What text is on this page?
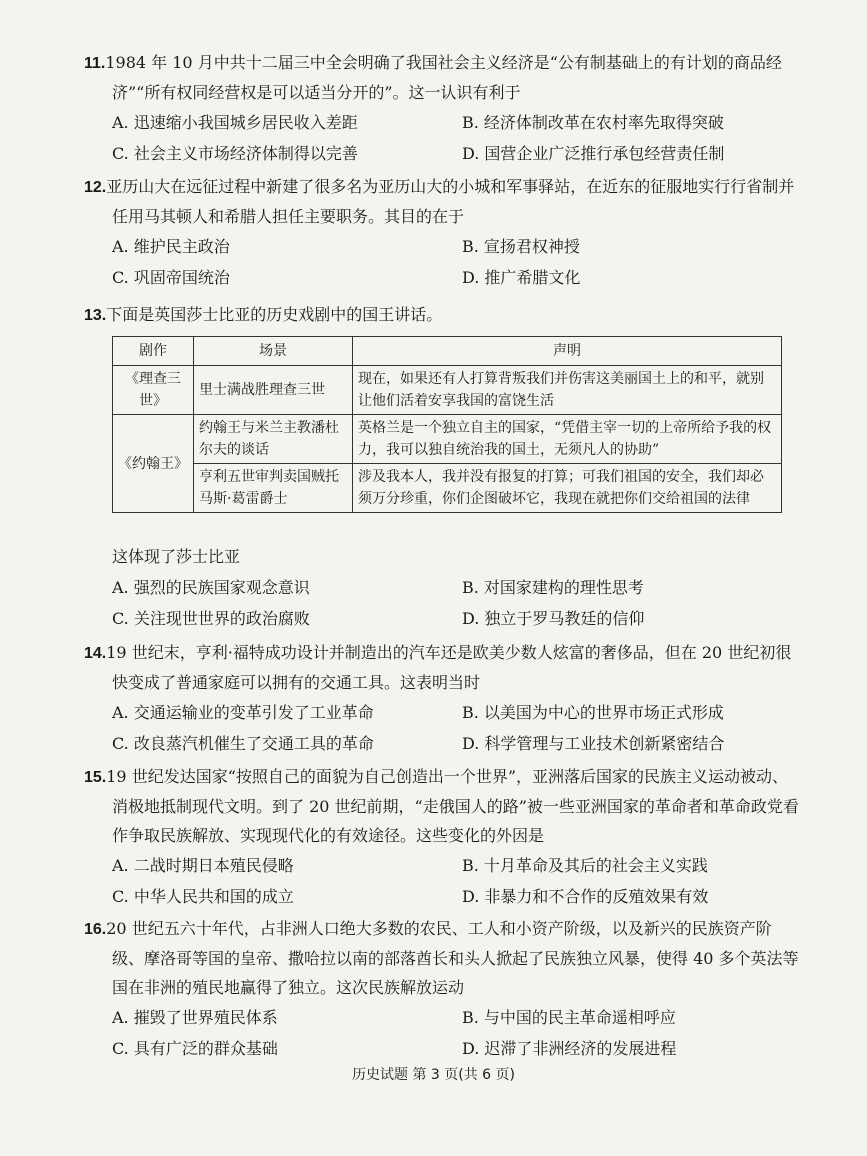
11.1984 年 10 月中共十二届三中全会明确了我国社会主义经济是“公有制基础上的有计划的商品经济”“所有权同经营权是可以适当分开的”。这一认识有利于

A. 迅速缩小我国城乡居民收入差距	B. 经济体制改革在农村率先取得突破
C. 社会主义市场经济体制得以完善	D. 国营企业广泛推行承包经营责任制

12.亚历山大在远征过程中新建了很多名为亚历山大的小城和军事驿站，在近东的征服地实行行省制并任用马其顿人和希腊人担任主要职务。其目的在于

A. 维护民主政治	B. 宣扬君权神授
C. 巩固帝国统治	D. 推广希腊文化

13.下面是英国莎士比亚的历史戏剧中的国王讲话。

剧作	场景	声明
《理查三世》	里士满战胜理查三世	现在，如果还有人打算背叛我们并伤害这美丽国土上的和平，就别让他们活着安享我国的富饶生活
《约翰王》	约翰王与米兰主教潘杜尔夫的谈话	英格兰是一个独立自主的国家，“凭借主宰一切的上帝所给予我的权力，我可以独自统治我的国土，无须凡人的协助”
	亨利五世审判卖国贼托马斯·葛雷爵士	涉及我本人，我并没有报复的打算；可我们祖国的安全，我们却必须万分珍重，你们企图破坏它，我现在就把你们交给祖国的法律
这体现了莎士比亚
A. 强烈的民族国家观念意识	B. 对国家建构的理性思考
C. 关注现世世界的政治腐败	D. 独立于罗马教廷的信仰

14.19 世纪末，亨利·福特成功设计并制造出的汽车还是欧美少数人炫富的奢侈品，但在 20 世纪初很快变成了普通家庭可以拥有的交通工具。这表明当时

A. 交通运输业的变革引发了工业革命	B. 以美国为中心的世界市场正式形成
C. 改良蒸汽机催生了交通工具的革命	D. 科学管理与工业技术创新紧密结合

15.19 世纪发达国家“按照自己的面貌为自己创造出一个世界”，亚洲落后国家的民族主义运动被动、消极地抵制现代文明。到了 20 世纪前期，“走俄国人的路”被一些亚洲国家的革命者和革命政党看作争取民族解放、实现现代化的有效途径。这些变化的外因是

A. 二战时期日本殖民侵略	B. 十月革命及其后的社会主义实践
C. 中华人民共和国的成立	D. 非暴力和不合作的反殖效果有效

16.20 世纪五六十年代，占非洲人口绝大多数的农民、工人和小资产阶级，以及新兴的民族资产阶级、摩洛哥等国的皇帝、撒哈拉以南的部落酋长和头人掀起了民族独立风暴，使得 40 多个英法等国在非洲的殖民地赢得了独立。这次民族解放运动

A. 摧毁了世界殖民体系	B. 与中国的民主革命遥相呼应
C. 具有广泛的群众基础	D. 迟滞了非洲经济的发展进程
历史试题 第 3 页(共 6 页)
